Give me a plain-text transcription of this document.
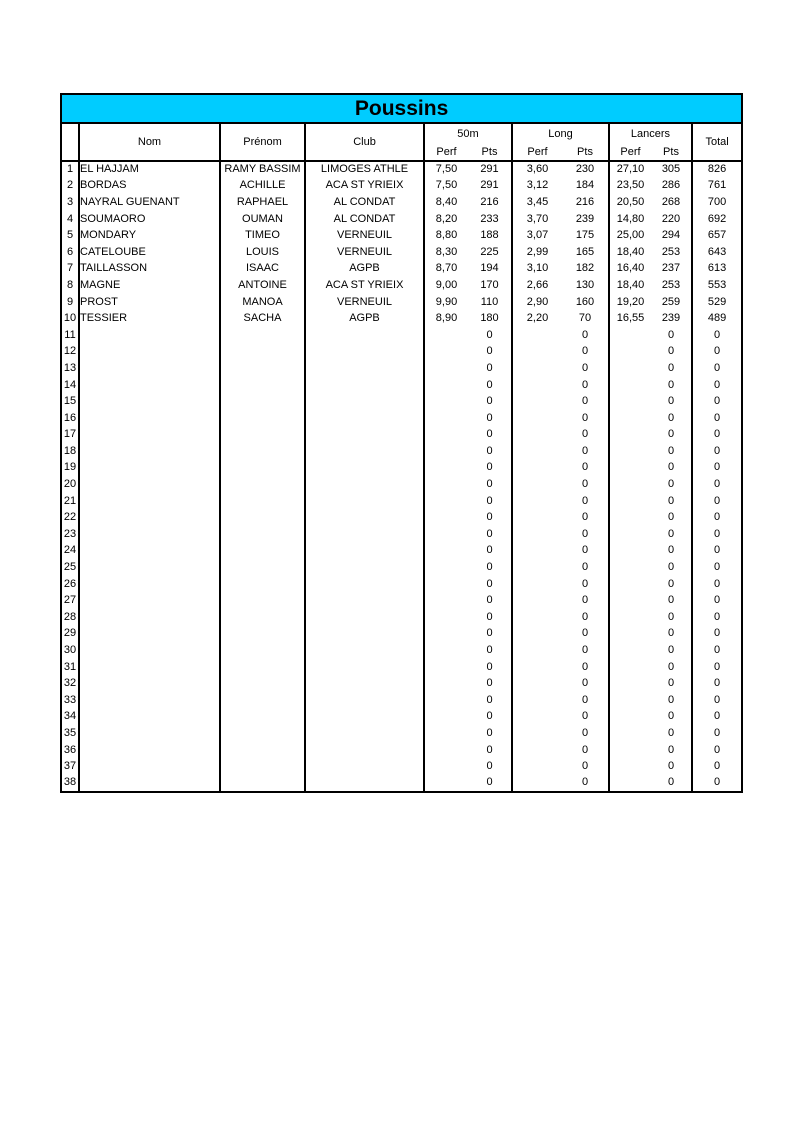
Poussins										
	Nom	Prénom	Club	50m		Long		Lancers		Total
				Perf	Pts	Perf	Pts	Perf	Pts	
1	EL HAJJAM	RAMY BASSIM	LIMOGES ATHLE	7,50	291	3,60	230	27,10	305	826
2	BORDAS	ACHILLE	ACA ST YRIEIX	7,50	291	3,12	184	23,50	286	761
3	NAYRAL GUENANT	RAPHAEL	AL CONDAT	8,40	216	3,45	216	20,50	268	700
4	SOUMAORO	OUMAN	AL CONDAT	8,20	233	3,70	239	14,80	220	692
5	MONDARY	TIMEO	VERNEUIL	8,80	188	3,07	175	25,00	294	657
6	CATELOUBE	LOUIS	VERNEUIL	8,30	225	2,99	165	18,40	253	643
7	TAILLASSON	ISAAC	AGPB	8,70	194	3,10	182	16,40	237	613
8	MAGNE	ANTOINE	ACA ST YRIEIX	9,00	170	2,66	130	18,40	253	553
9	PROST	MANOA	VERNEUIL	9,90	110	2,90	160	19,20	259	529
10	TESSIER	SACHA	AGPB	8,90	180	2,20	70	16,55	239	489
11					0		0		0	0
12					0		0		0	0
13					0		0		0	0
14					0		0		0	0
15					0		0		0	0
16					0		0		0	0
17					0		0		0	0
18					0		0		0	0
19					0		0		0	0
20					0		0		0	0
21					0		0		0	0
22					0		0		0	0
23					0		0		0	0
24					0		0		0	0
25					0		0		0	0
26					0		0		0	0
27					0		0		0	0
28					0		0		0	0
29					0		0		0	0
30					0		0		0	0
31					0		0		0	0
32					0		0		0	0
33					0		0		0	0
34					0		0		0	0
35					0		0		0	0
36					0		0		0	0
37					0		0		0	0
38					0		0		0	0
